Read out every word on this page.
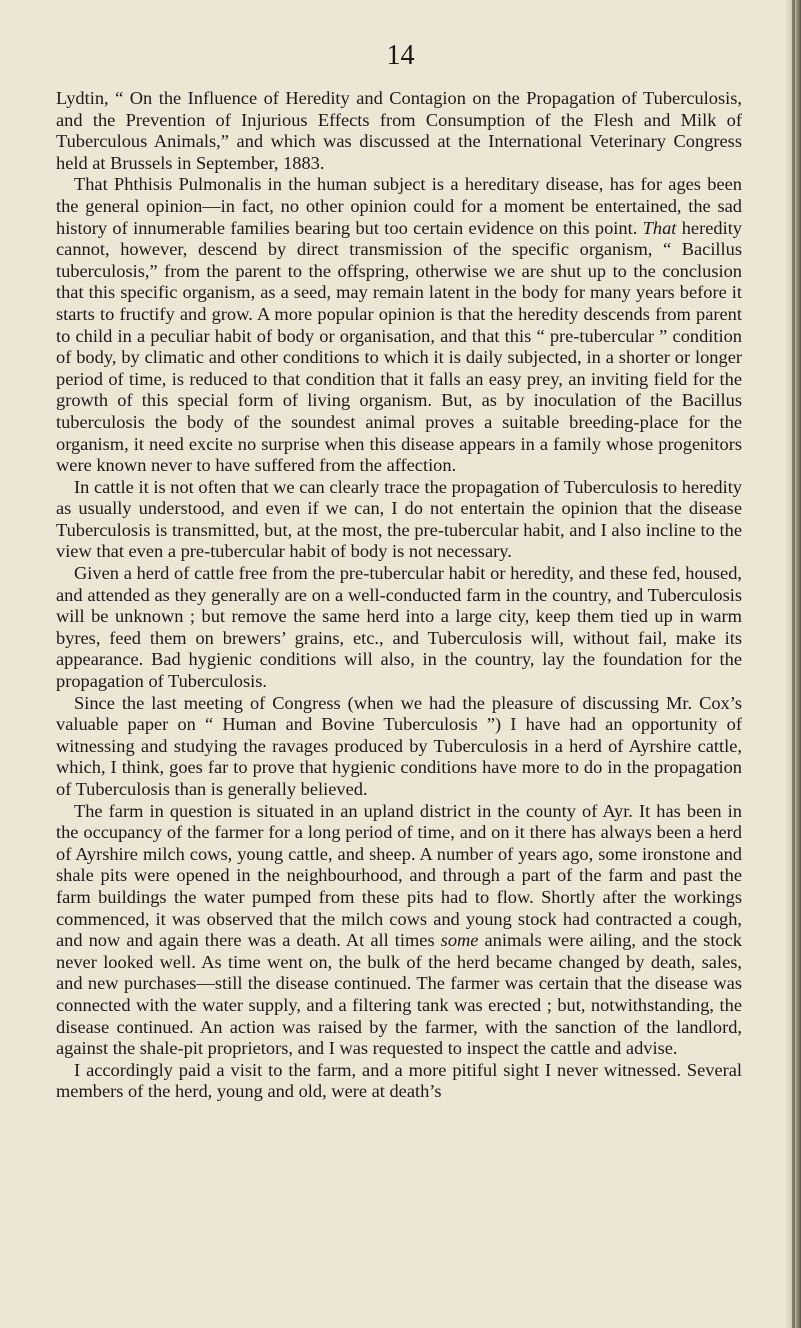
14

Lydtin, “ On the Influence of Heredity and Contagion on the Propagation of Tuberculosis, and the Prevention of Injurious Effects from Consumption of the Flesh and Milk of Tuberculous Animals,” and which was discussed at the International Veterinary Congress held at Brussels in September, 1883.

That Phthisis Pulmonalis in the human subject is a hereditary disease, has for ages been the general opinion—in fact, no other opinion could for a moment be entertained, the sad history of innumerable families bearing but too certain evidence on this point. That heredity cannot, however, descend by direct transmission of the specific organism, “ Bacillus tuberculosis,” from the parent to the offspring, otherwise we are shut up to the conclusion that this specific organism, as a seed, may remain latent in the body for many years before it starts to fructify and grow. A more popular opinion is that the heredity descends from parent to child in a peculiar habit of body or organisation, and that this “ pre-tubercular ” condition of body, by climatic and other conditions to which it is daily subjected, in a shorter or longer period of time, is reduced to that condition that it falls an easy prey, an inviting field for the growth of this special form of living organism. But, as by inoculation of the Bacillus tuberculosis the body of the soundest animal proves a suitable breeding-place for the organism, it need excite no surprise when this disease appears in a family whose progenitors were known never to have suffered from the affection.

In cattle it is not often that we can clearly trace the propagation of Tuberculosis to heredity as usually understood, and even if we can, I do not entertain the opinion that the disease Tuberculosis is transmitted, but, at the most, the pre-tubercular habit, and I also incline to the view that even a pre-tubercular habit of body is not necessary.

Given a herd of cattle free from the pre-tubercular habit or heredity, and these fed, housed, and attended as they generally are on a well-conducted farm in the country, and Tuberculosis will be unknown ; but remove the same herd into a large city, keep them tied up in warm byres, feed them on brewers’ grains, etc., and Tuberculosis will, without fail, make its appearance. Bad hygienic conditions will also, in the country, lay the foundation for the propagation of Tuberculosis.

Since the last meeting of Congress (when we had the pleasure of discussing Mr. Cox’s valuable paper on “ Human and Bovine Tuberculosis ”) I have had an opportunity of witnessing and studying the ravages produced by Tuberculosis in a herd of Ayrshire cattle, which, I think, goes far to prove that hygienic conditions have more to do in the propagation of Tuberculosis than is generally believed.

The farm in question is situated in an upland district in the county of Ayr. It has been in the occupancy of the farmer for a long period of time, and on it there has always been a herd of Ayrshire milch cows, young cattle, and sheep. A number of years ago, some ironstone and shale pits were opened in the neighbourhood, and through a part of the farm and past the farm buildings the water pumped from these pits had to flow. Shortly after the workings commenced, it was observed that the milch cows and young stock had contracted a cough, and now and again there was a death. At all times some animals were ailing, and the stock never looked well. As time went on, the bulk of the herd became changed by death, sales, and new purchases—still the disease continued. The farmer was certain that the disease was connected with the water supply, and a filtering tank was erected ; but, notwithstanding, the disease continued. An action was raised by the farmer, with the sanction of the landlord, against the shale-pit proprietors, and I was requested to inspect the cattle and advise.

I accordingly paid a visit to the farm, and a more pitiful sight I never witnessed. Several members of the herd, young and old, were at death’s
